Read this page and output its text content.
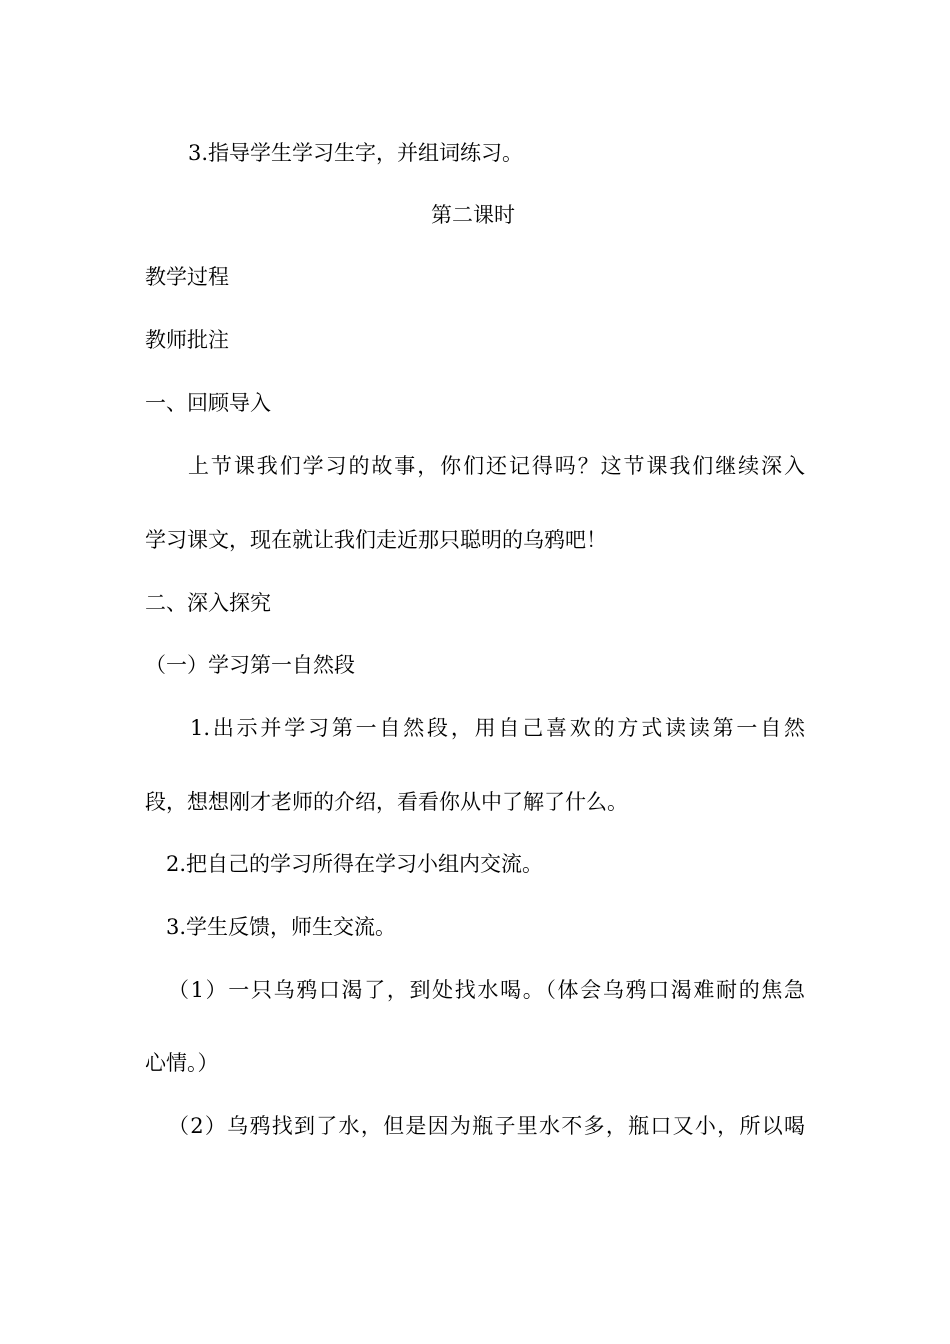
3.指导学生学习生字，并组词练习。
第二课时
教学过程
教师批注
一、回顾导入
上节课我们学习的故事，你们还记得吗？这节课我们继续深入
学习课文，现在就让我们走近那只聪明的乌鸦吧！
二、深入探究
（一）学习第一自然段
1.出示并学习第一自然段，用自己喜欢的方式读读第一自然
段，想想刚才老师的介绍，看看你从中了解了什么。
2.把自己的学习所得在学习小组内交流。
3.学生反馈，师生交流。
（1）一只乌鸦口渴了，到处找水喝。（体会乌鸦口渴难耐的焦急
心情。）
（2）乌鸦找到了水，但是因为瓶子里水不多，瓶口又小，所以喝
